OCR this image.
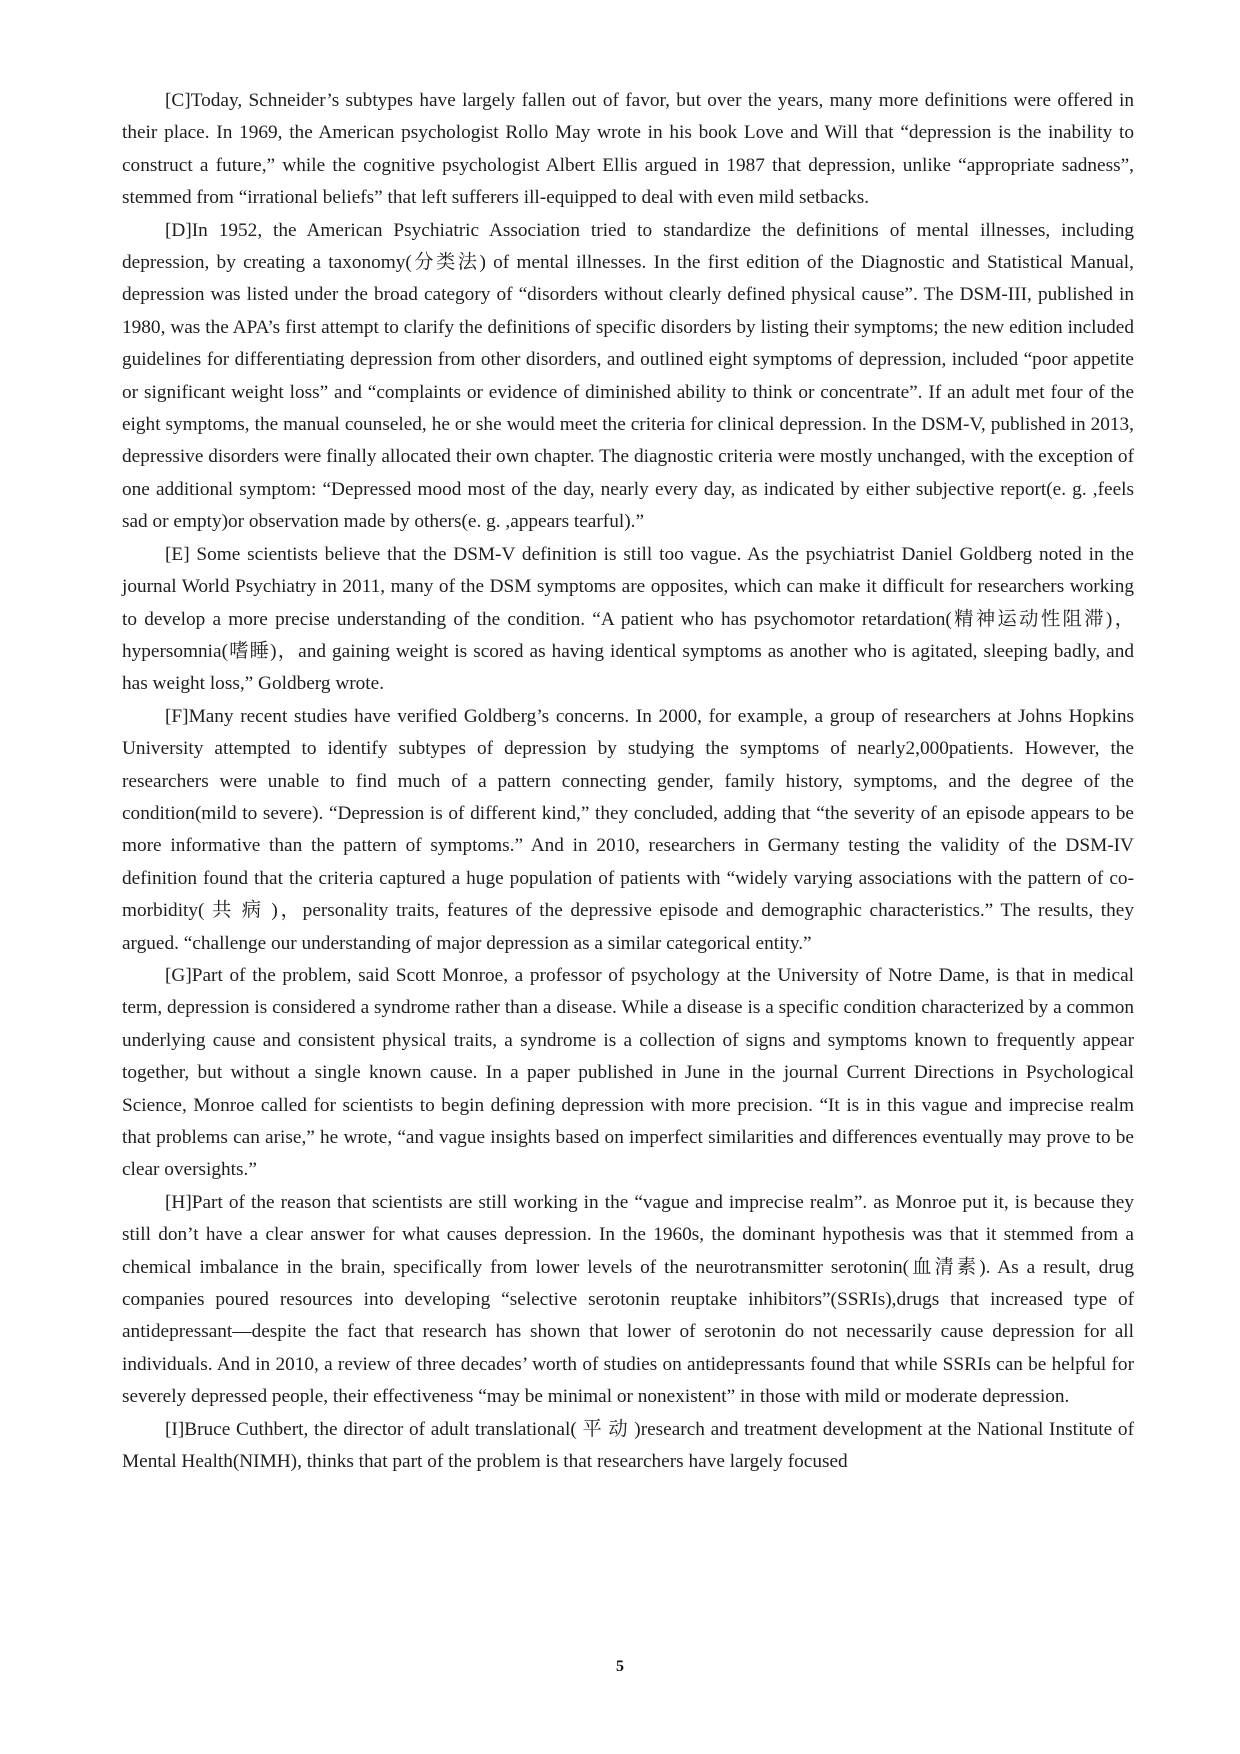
[C]Today, Schneider’s subtypes have largely fallen out of favor, but over the years, many more definitions were offered in their place. In 1969, the American psychologist Rollo May wrote in his book Love and Will that “depression is the inability to construct a future,” while the cognitive psychologist Albert Ellis argued in 1987 that depression, unlike “appropriate sadness”, stemmed from “irrational beliefs” that left sufferers ill-equipped to deal with even mild setbacks.

[D]In 1952, the American Psychiatric Association tried to standardize the definitions of mental illnesses, including depression, by creating a taxonomy(分类法) of mental illnesses. In the first edition of the Diagnostic and Statistical Manual, depression was listed under the broad category of “disorders without clearly defined physical cause”. The DSM-III, published in 1980, was the APA’s first attempt to clarify the definitions of specific disorders by listing their symptoms; the new edition included guidelines for differentiating depression from other disorders, and outlined eight symptoms of depression, included “poor appetite or significant weight loss” and “complaints or evidence of diminished ability to think or concentrate”. If an adult met four of the eight symptoms, the manual counseled, he or she would meet the criteria for clinical depression. In the DSM-V, published in 2013, depressive disorders were finally allocated their own chapter. The diagnostic criteria were mostly unchanged, with the exception of one additional symptom: “Depressed mood most of the day, nearly every day, as indicated by either subjective report(e. g. ,feels sad or empty)or observation made by others(e. g. ,appears tearful).”

[E] Some scientists believe that the DSM-V definition is still too vague. As the psychiatrist Daniel Goldberg noted in the journal World Psychiatry in 2011, many of the DSM symptoms are opposites, which can make it difficult for researchers working to develop a more precise understanding of the condition. “A patient who has psychomotor retardation(精神运动性阻滞)，hypersomnia(嗜睡)，and gaining weight is scored as having identical symptoms as another who is agitated, sleeping badly, and has weight loss,” Goldberg wrote.

[F]Many recent studies have verified Goldberg’s concerns. In 2000, for example, a group of researchers at Johns Hopkins University attempted to identify subtypes of depression by studying the symptoms of nearly2,000patients. However, the researchers were unable to find much of a pattern connecting gender, family history, symptoms, and the degree of the condition(mild to severe). “Depression is of different kind,” they concluded, adding that “the severity of an episode appears to be more informative than the pattern of symptoms.” And in 2010, researchers in Germany testing the validity of the DSM-IV definition found that the criteria captured a huge population of patients with “widely varying associations with the pattern of co-morbidity( 共 病 )，personality traits, features of the depressive episode and demographic characteristics.” The results, they argued. “challenge our understanding of major depression as a similar categorical entity.”

[G]Part of the problem, said Scott Monroe, a professor of psychology at the University of Notre Dame, is that in medical term, depression is considered a syndrome rather than a disease. While a disease is a specific condition characterized by a common underlying cause and consistent physical traits, a syndrome is a collection of signs and symptoms known to frequently appear together, but without a single known cause. In a paper published in June in the journal Current Directions in Psychological Science, Monroe called for scientists to begin defining depression with more precision. “It is in this vague and imprecise realm that problems can arise,” he wrote, “and vague insights based on imperfect similarities and differences eventually may prove to be clear oversights.”

[H]Part of the reason that scientists are still working in the “vague and imprecise realm”. as Monroe put it, is because they still don’t have a clear answer for what causes depression. In the 1960s, the dominant hypothesis was that it stemmed from a chemical imbalance in the brain, specifically from lower levels of the neurotransmitter serotonin(血清素). As a result, drug companies poured resources into developing “selective serotonin reuptake inhibitors”(SSRIs),drugs that increased type of antidepressant—despite the fact that research has shown that lower of serotonin do not necessarily cause depression for all individuals. And in 2010, a review of three decades’ worth of studies on antidepressants found that while SSRIs can be helpful for severely depressed people, their effectiveness “may be minimal or nonexistent” in those with mild or moderate depression.

[I]Bruce Cuthbert, the director of adult translational( 平 动 )research and treatment development at the National Institute of Mental Health(NIMH), thinks that part of the problem is that researchers have largely focused

5
